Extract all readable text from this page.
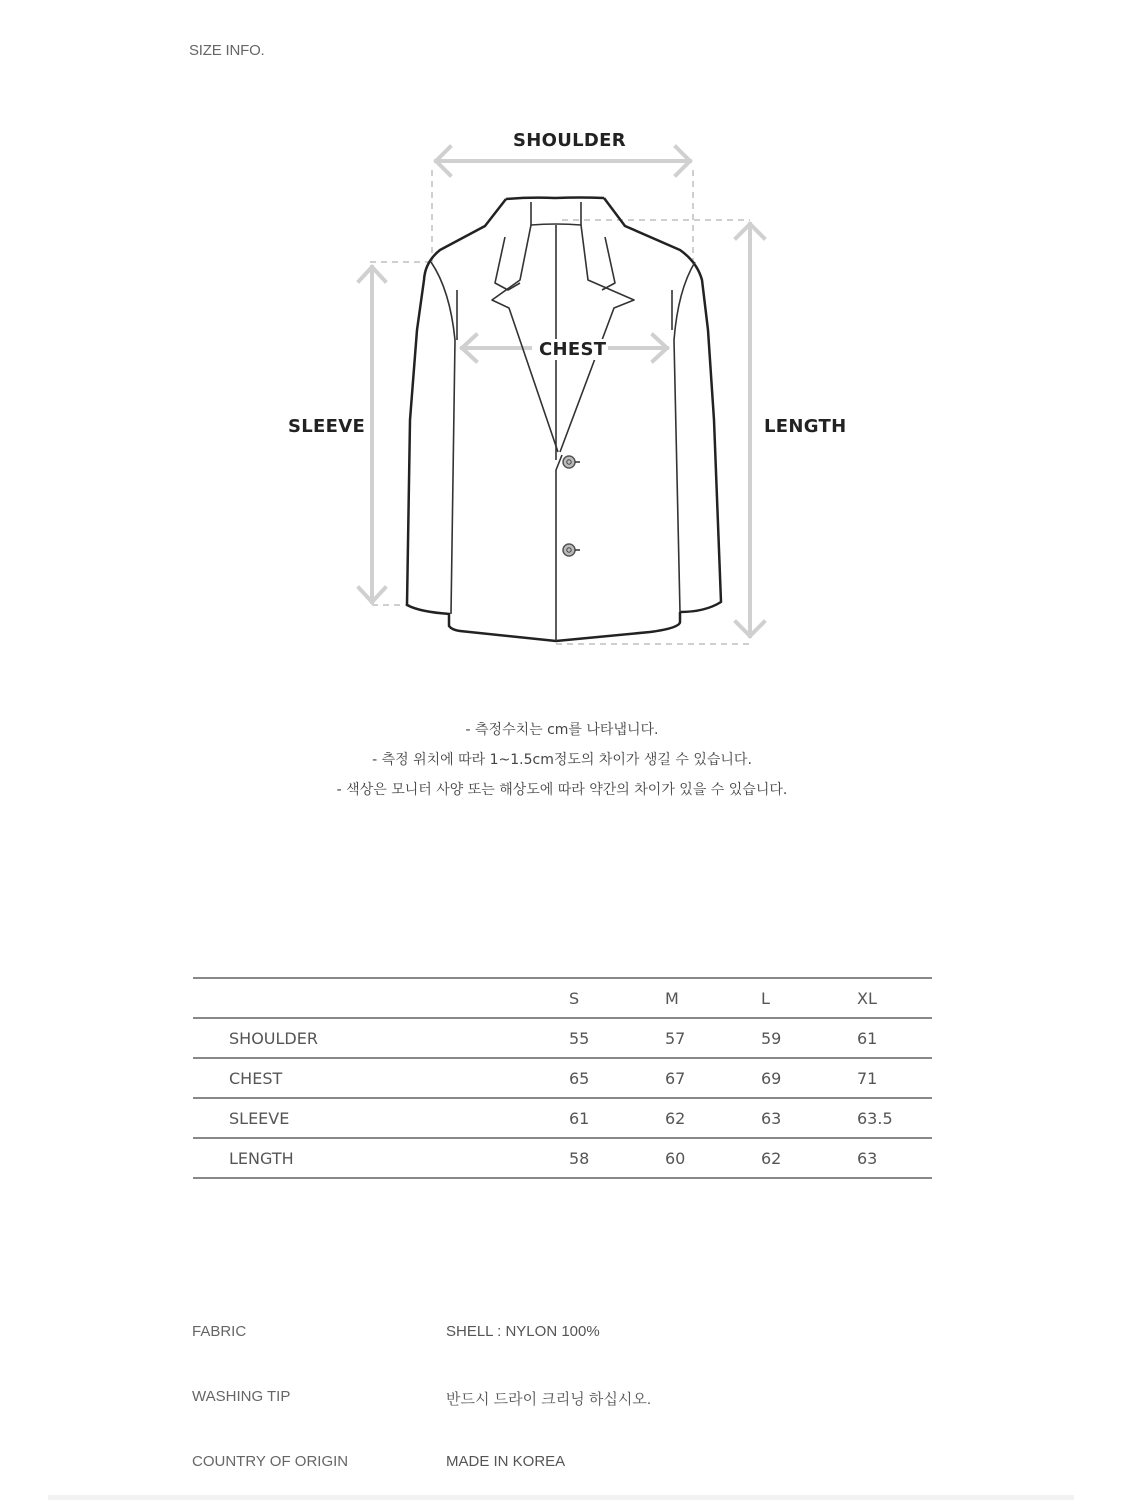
SIZE INFO.
SHOULDER
CHEST
SLEEVE	LENGTH
- 측정수치는 cm를 나타냅니다.
- 측정 위치에 따라 1~1.5cm정도의 차이가 생길 수 있습니다.
- 색상은 모니터 사양 또는 해상도에 따라 약간의 차이가 있을 수 있습니다.
	S	M	L	XL
SHOULDER	55	57	59	61
CHEST	65	67	69	71
SLEEVE	61	62	63	63.5
LENGTH	58	60	62	63
FABRIC	SHELL : NYLON 100%
WASHING TIP	반드시 드라이 크리닝 하십시오.
COUNTRY OF ORIGIN	MADE IN KOREA
